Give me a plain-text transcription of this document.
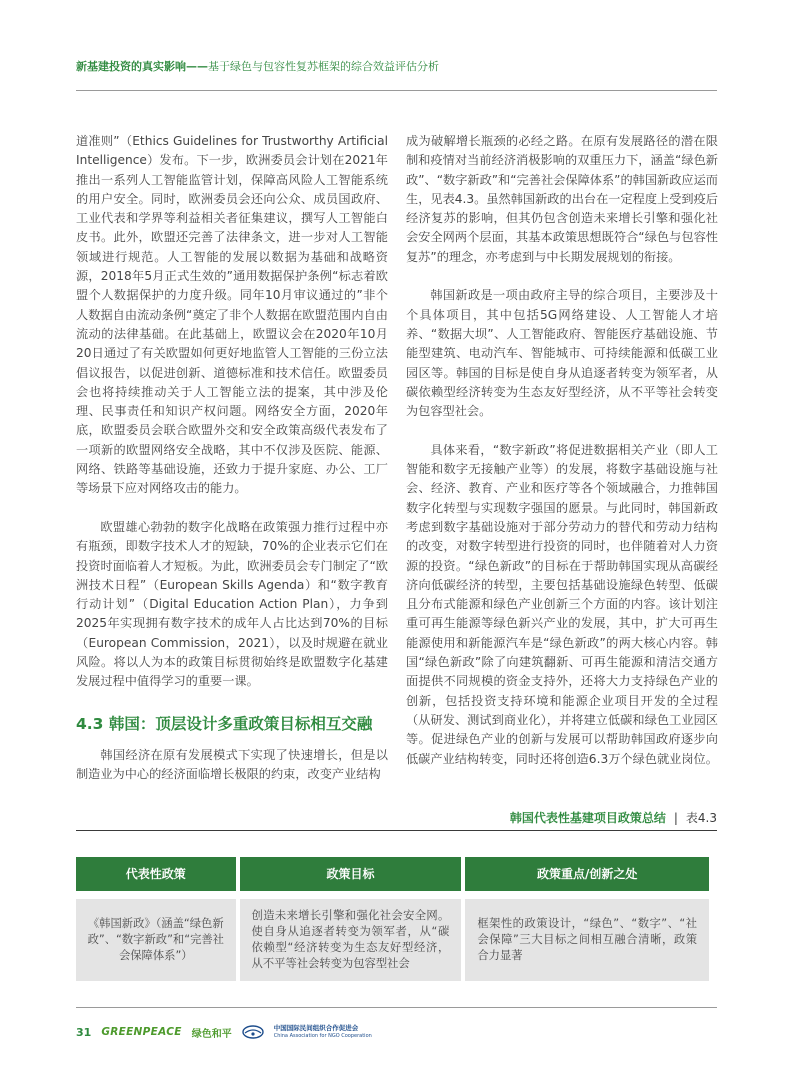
新基建投资的真实影响——基于绿色与包容性复苏框架的综合效益评估分析

道准则”（Ethics Guidelines for Trustworthy Artificial Intelligence）发布。下一步，欧洲委员会计划在2021年推出一系列人工智能监管计划，保障高风险人工智能系统的用户安全。同时，欧洲委员会还向公众、成员国政府、工业代表和学界等利益相关者征集建议，撰写人工智能白皮书。此外，欧盟还完善了法律条文，进一步对人工智能领域进行规范。人工智能的发展以数据为基础和战略资源，2018年5月正式生效的”通用数据保护条例“标志着欧盟个人数据保护的力度升级。同年10月审议通过的”非个人数据自由流动条例“奠定了非个人数据在欧盟范围内自由流动的法律基础。在此基础上，欧盟议会在2020年10月20日通过了有关欧盟如何更好地监管人工智能的三份立法倡议报告，以促进创新、道德标准和技术信任。欧盟委员会也将持续推动关于人工智能立法的提案，其中涉及伦理、民事责任和知识产权问题。网络安全方面，2020年底，欧盟委员会联合欧盟外交和安全政策高级代表发布了一项新的欧盟网络安全战略，其中不仅涉及医院、能源、网络、铁路等基础设施，还致力于提升家庭、办公、工厂等场景下应对网络攻击的能力。

欧盟雄心勃勃的数字化战略在政策强力推行过程中亦有瓶颈，即数字技术人才的短缺，70%的企业表示它们在投资时面临着人才短板。为此，欧洲委员会专门制定了“欧洲技术日程”（European Skills Agenda）和“数字教育行动计划”（Digital Education Action Plan），力争到2025年实现拥有数字技术的成年人占比达到70%的目标（European Commission，2021），以及时规避在就业风险。将以人为本的政策目标贯彻始终是欧盟数字化基建发展过程中值得学习的重要一课。

4.3 韩国：顶层设计多重政策目标相互交融

韩国经济在原有发展模式下实现了快速增长，但是以制造业为中心的经济面临增长极限的约束，改变产业结构

成为破解增长瓶颈的必经之路。在原有发展路径的潜在限制和疫情对当前经济消极影响的双重压力下，涵盖“绿色新政”、“数字新政”和“完善社会保障体系”的韩国新政应运而生，见表4.3。虽然韩国新政的出台在一定程度上受到疫后经济复苏的影响，但其仍包含创造未来增长引擎和强化社会安全网两个层面，其基本政策思想既符合“绿色与包容性复苏”的理念，亦考虑到与中长期发展规划的衔接。

韩国新政是一项由政府主导的综合项目，主要涉及十个具体项目，其中包括5G网络建设、人工智能人才培养、“数据大坝”、人工智能政府、智能医疗基础设施、节能型建筑、电动汽车、智能城市、可持续能源和低碳工业园区等。韩国的目标是使自身从追逐者转变为领军者，从碳依赖型经济转变为生态友好型经济，从不平等社会转变为包容型社会。

具体来看，“数字新政”将促进数据相关产业（即人工智能和数字无接触产业等）的发展，将数字基础设施与社会、经济、教育、产业和医疗等各个领域融合，力推韩国数字化转型与实现数字强国的愿景。与此同时，韩国新政考虑到数字基础设施对于部分劳动力的替代和劳动力结构的改变，对数字转型进行投资的同时，也伴随着对人力资源的投资。“绿色新政”的目标在于帮助韩国实现从高碳经济向低碳经济的转型，主要包括基础设施绿色转型、低碳且分布式能源和绿色产业创新三个方面的内容。该计划注重可再生能源等绿色新兴产业的发展，其中，扩大可再生能源使用和新能源汽车是“绿色新政”的两大核心内容。韩国“绿色新政”除了向建筑翻新、可再生能源和清洁交通方面提供不同规模的资金支持外，还将大力支持绿色产业的创新，包括投资支持环境和能源企业项目开发的全过程（从研发、测试到商业化），并将建立低碳和绿色工业园区等。促进绿色产业的创新与发展可以帮助韩国政府逐步向低碳产业结构转变，同时还将创造6.3万个绿色就业岗位。

韩国代表性基建项目政策总结 | 表4.3
代表性政策	政策目标	政策重点/创新之处
《韩国新政》（涵盖“绿色新政”、“数字新政”和“完善社会保障体系”）	创造未来增长引擎和强化社会安全网。使自身从追逐者转变为领军者，从“碳依赖型“经济转变为生态友好型经济，从不平等社会转变为包容型社会	框架性的政策设计，“绿色”、“数字”、“社会保障”三大目标之间相互融合清晰，政策合力显著
31 GREENPEACE 绿色和平
中国国际民间组织合作促进会
China Association for NGO Cooperation
